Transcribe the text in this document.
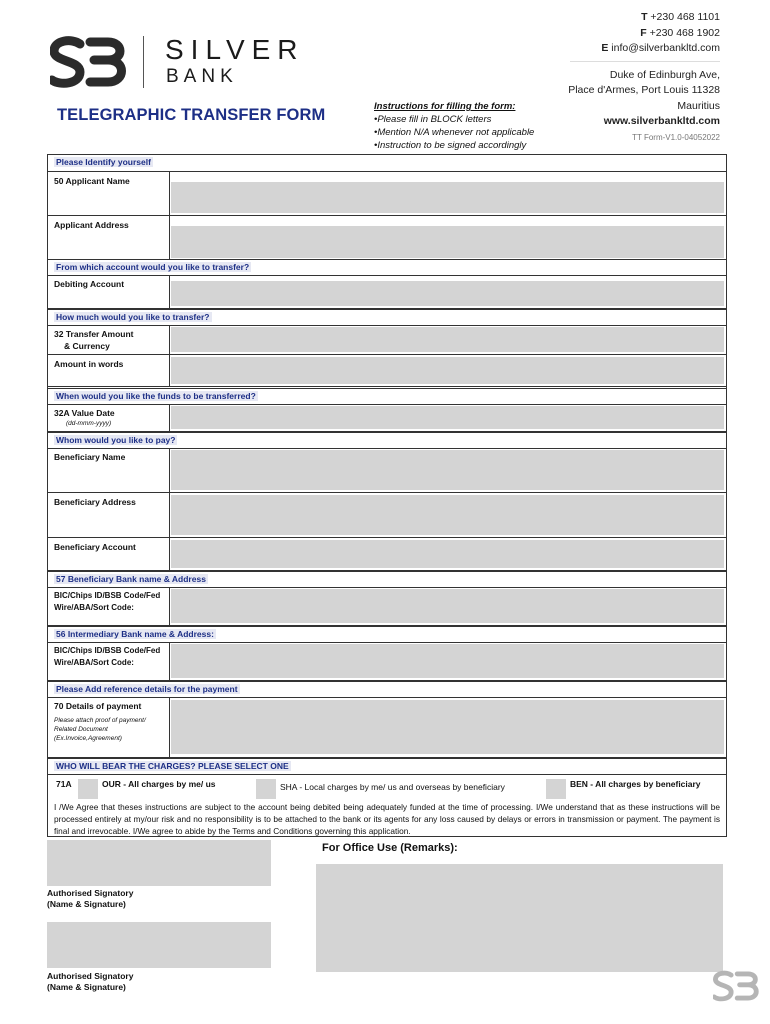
SILVER
BANK
TELEGRAPHIC TRANSFER FORM	Instructions for filling the form:
•Please fill in BLOCK letters
•Mention N/A whenever not applicable
•Instruction to be signed accordingly
T +230 468 1101
F +230 468 1902
E info@silverbankltd.com
Duke of Edinburgh Ave,
Place d'Armes, Port Louis 11328
Mauritius
www.silverbankltd.com
TT Form-V1.0-04052022
Please Identify yourself
50 Applicant Name
Applicant Address
From which account would you like to transfer?
Debiting Account
How much would you like to transfer?
32 Transfer Amount
& Currency
Amount in words
When would you like the funds to be transferred?
32A Value Date
(dd-mmm-yyyy)
Whom would you like to pay?
Beneficiary Name
Beneficiary Address
Beneficiary Account
57 Beneficiary Bank name & Address
BIC/Chips ID/BSB Code/Fed Wire/ABA/Sort Code:
56 Intermediary Bank name & Address:
BIC/Chips ID/BSB Code/Fed Wire/ABA/Sort Code:
Please Add reference details for the payment
70 Details of payment
Please attach proof of payment/ Related Document (Ex.Invoice,Agreement)
WHO WILL BEAR THE CHARGES? PLEASE SELECT ONE
71A	OUR - All charges by me/ us	SHA - Local charges by me/ us and overseas by beneficiary	BEN - All charges by beneficiary
I /We Agree that theses instructions are subject to the account being debited being adequately funded at the time of processing. I/We understand that as these instructions will be processed entirely at my/our risk and no responsibility is to be attached to the bank or its agents for any loss caused by delays or errors in transmission or payment. The payment is final and irrevocable. I/We agree to abide by the Terms and Conditions governing this application.
Authorised Signatory
(Name & Signature)
Authorised Signatory
(Name & Signature)
For Office Use (Remarks):
